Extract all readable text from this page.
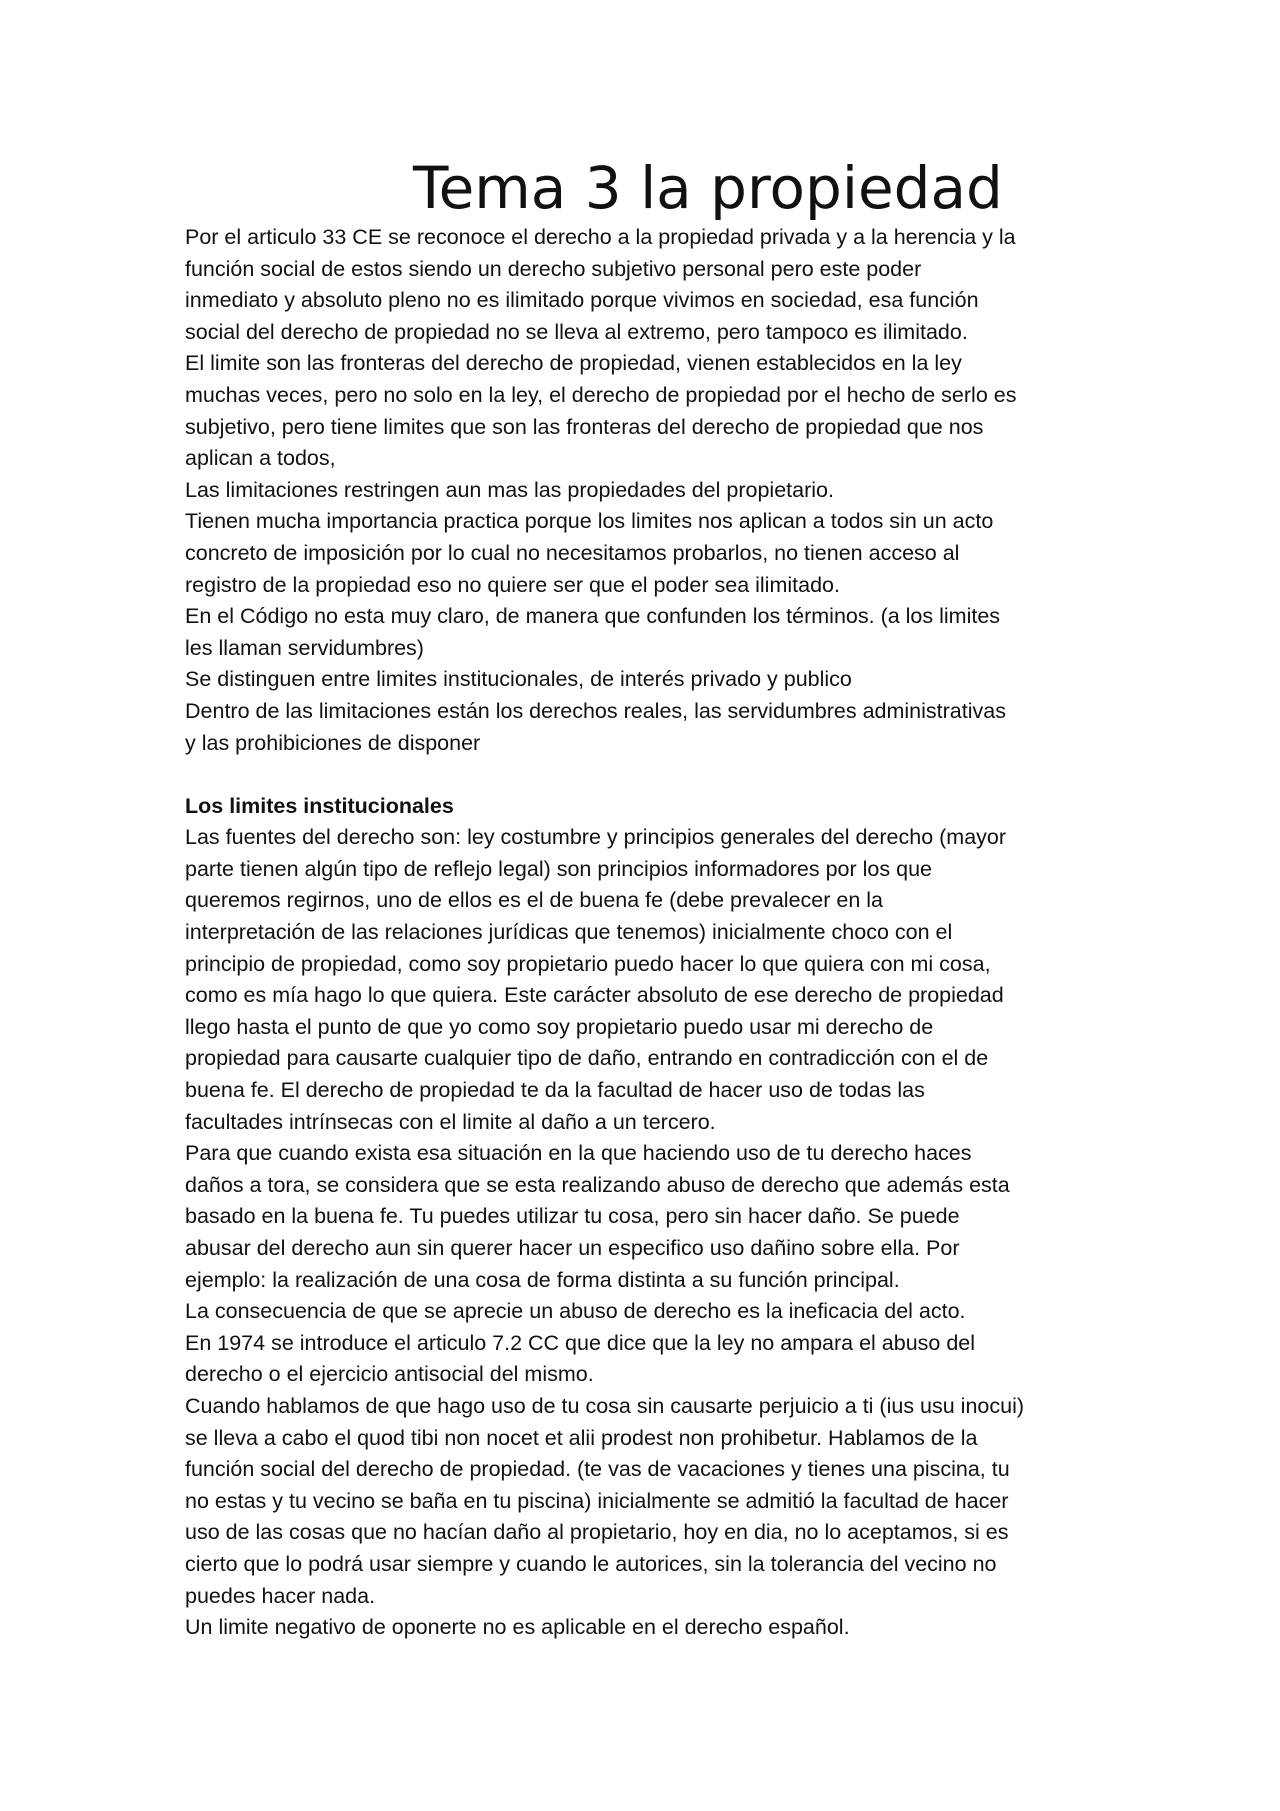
Tema 3 la propiedad
Por el articulo 33 CE se reconoce el derecho a la propiedad privada y a la herencia y la
función social de estos siendo un derecho subjetivo personal pero este poder
inmediato y absoluto pleno no es ilimitado porque vivimos en sociedad, esa función
social del derecho de propiedad no se lleva al extremo, pero tampoco es ilimitado.
El limite son las fronteras del derecho de propiedad, vienen establecidos en la ley
muchas veces, pero no solo en la ley, el derecho de propiedad por el hecho de serlo es
subjetivo, pero tiene limites que son las fronteras del derecho de propiedad que nos
aplican a todos,
Las limitaciones restringen aun mas las propiedades del propietario.
Tienen mucha importancia practica porque los limites nos aplican a todos sin un acto
concreto de imposición por lo cual no necesitamos probarlos, no tienen acceso al
registro de la propiedad eso no quiere ser que el poder sea ilimitado.
En el Código no esta muy claro, de manera que confunden los términos. (a los limites
les llaman servidumbres)
Se distinguen entre limites institucionales, de interés privado y publico
Dentro de las limitaciones están los derechos reales, las servidumbres administrativas
y las prohibiciones de disponer
Los limites institucionales
Las fuentes del derecho son: ley costumbre y principios generales del derecho (mayor
parte tienen algún tipo de reflejo legal) son principios informadores por los que
queremos regirnos, uno de ellos es el de buena fe (debe prevalecer en la
interpretación de las relaciones jurídicas que tenemos) inicialmente choco con el
principio de propiedad, como soy propietario puedo hacer lo que quiera con mi cosa,
como es mía hago lo que quiera. Este carácter absoluto de ese derecho de propiedad
llego hasta el punto de que yo como soy propietario puedo usar mi derecho de
propiedad para causarte cualquier tipo de daño, entrando en contradicción con el de
buena fe. El derecho de propiedad te da la facultad de hacer uso de todas las
facultades intrínsecas con el limite al daño a un tercero.
Para que cuando exista esa situación en la que haciendo uso de tu derecho haces
daños a tora, se considera que se esta realizando abuso de derecho que además esta
basado en la buena fe. Tu puedes utilizar tu cosa, pero sin hacer daño. Se puede
abusar del derecho aun sin querer hacer un especifico uso dañino sobre ella. Por
ejemplo: la realización de una cosa de forma distinta a su función principal.
La consecuencia de que se aprecie un abuso de derecho es la ineficacia del acto.
En 1974 se introduce el articulo 7.2 CC que dice que la ley no ampara el abuso del
derecho o el ejercicio antisocial del mismo.
Cuando hablamos de que hago uso de tu cosa sin causarte perjuicio a ti (ius usu inocui)
se lleva a cabo el quod tibi non nocet et alii prodest non prohibetur. Hablamos de la
función social del derecho de propiedad. (te vas de vacaciones y tienes una piscina, tu
no estas y tu vecino se baña en tu piscina) inicialmente se admitió la facultad de hacer
uso de las cosas que no hacían daño al propietario, hoy en dia, no lo aceptamos, si es
cierto que lo podrá usar siempre y cuando le autorices, sin la tolerancia del vecino no
puedes hacer nada.
Un limite negativo de oponerte no es aplicable en el derecho español.
